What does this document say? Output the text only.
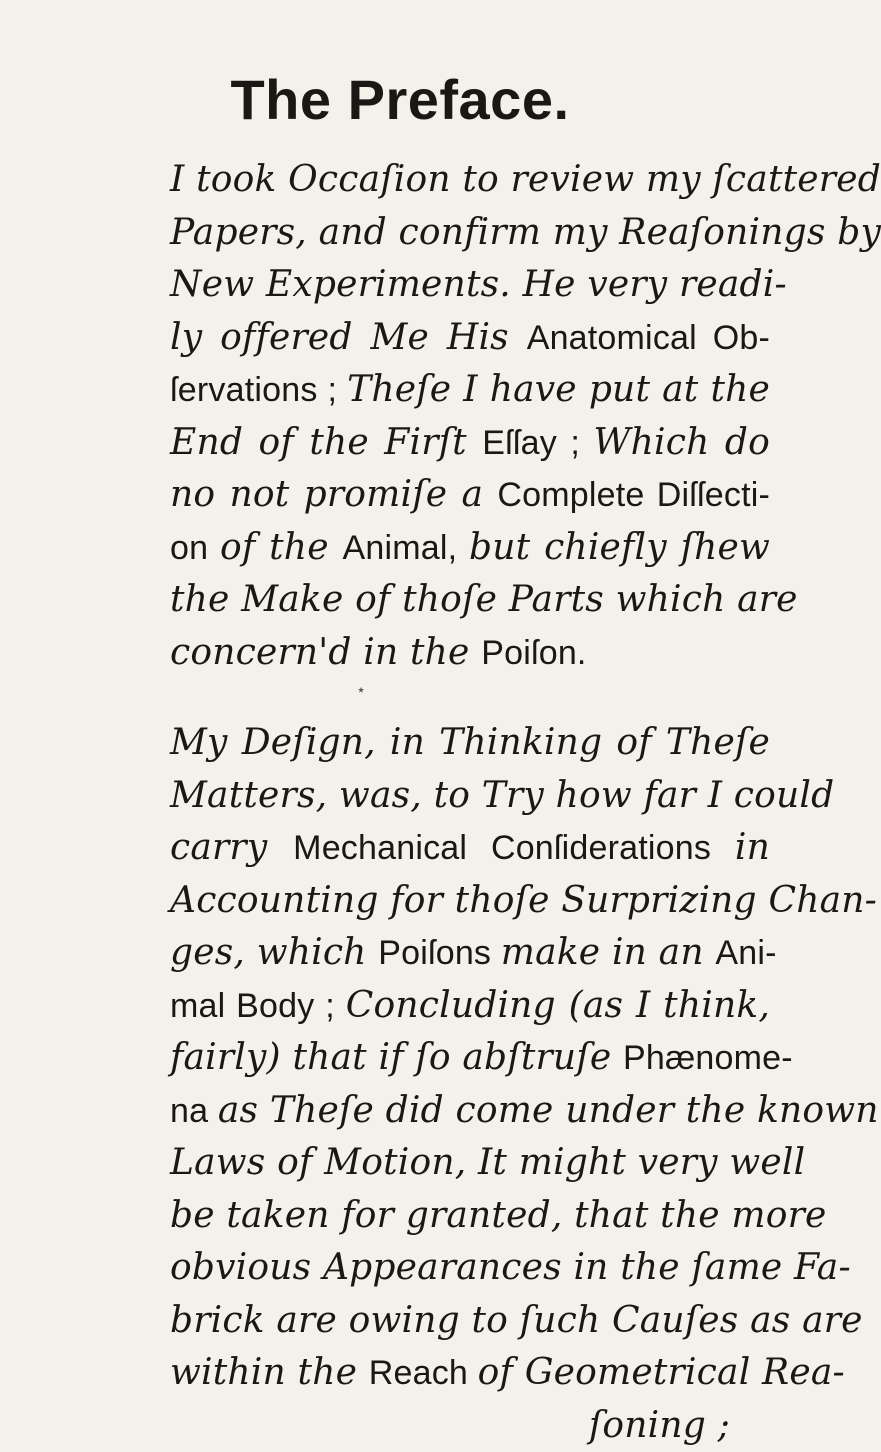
The Preface.
I took Occaſion to review my ſcattered
Papers, and confirm my Reaſonings by
New Experiments. He very readi-
ly offered Me His Anatomical Ob-
ſervations ; Theſe I have put at the
End of the Firſt Eſſay ; Which do
no not promiſe a Complete Diſſecti-
on of the Animal, but chiefly ſhew
the Make of thoſe Parts which are
concern'd in the Poiſon.
⋆
My Deſign, in Thinking of Theſe
Matters, was, to Try how far I could
carry Mechanical Conſiderations in
Accounting for thoſe Surprizing Chan-
ges, which Poiſons make in an Ani-
mal Body ; Concluding (as I think,
fairly) that if ſo abſtruſe Phænome-
na as Theſe did come under the known
Laws of Motion, It might very well
be taken for granted, that the more
obvious Appearances in the ſame Fa-
brick are owing to ſuch Cauſes as are
within the Reach of Geometrical Rea-
ſoning ;
